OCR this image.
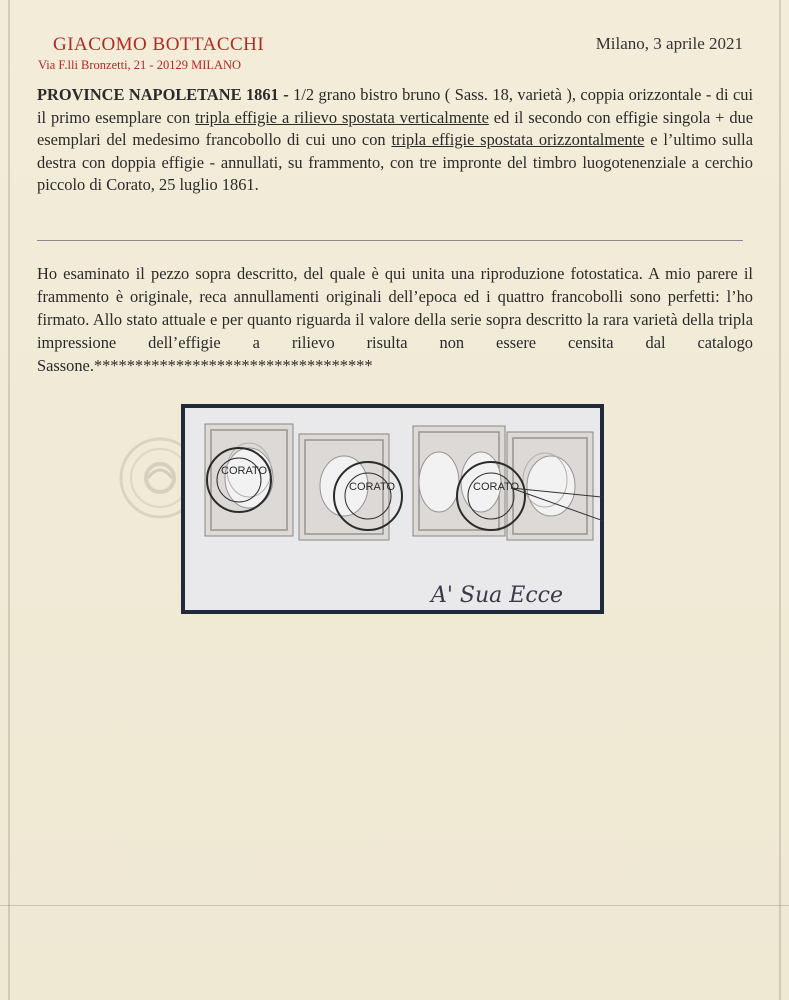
GIACOMO BOTTACCHI
Via F.lli Bronzetti, 21 - 20129 MILANO
Milano, 3 aprile 2021
PROVINCE NAPOLETANE 1861 - 1/2 grano bistro bruno ( Sass. 18, varietà ), coppia orizzontale - di cui il primo esemplare con tripla effigie a rilievo spostata verticalmente ed il secondo con effigie singola + due esemplari del medesimo francobollo di cui uno con tripla effigie spostata orizzontalmente e l’ultimo sulla destra con doppia effigie - annullati, su frammento, con tre impronte del timbro luogotenenziale a cerchio piccolo di Corato, 25 luglio 1861.
Ho esaminato il pezzo sopra descritto, del quale è qui unita una riproduzione fotostatica. A mio parere il frammento è originale, reca annullamenti originali dell’epoca ed i quattro francobolli sono perfetti: l’ho firmato. Allo stato attuale e per quanto riguarda il valore della serie sopra descritto la rara varietà della tripla impressione dell’effigie a rilievo risulta non essere censita dal catalogo Sassone.**********************************
CORATO
CORATO	CORATO
A' Sua Ecce
